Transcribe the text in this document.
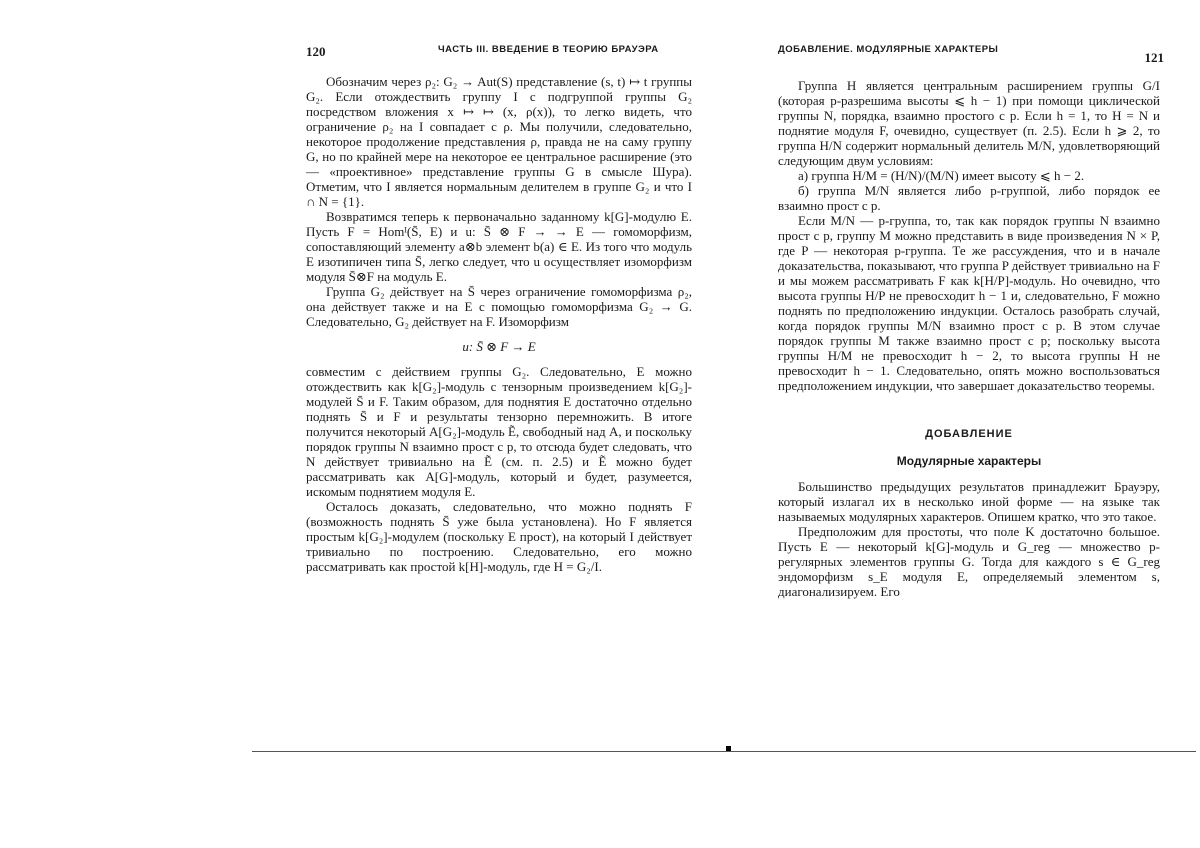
120	ЧАСТЬ III. ВВЕДЕНИЕ В ТЕОРИЮ БРАУЭРА

Обозначим через ρ₂: G₂ → Aut(S) представление (s, t) ↦ t группы G₂. Если отождествить группу I с подгруппой группы G₂ посредством вложения x ↦ ↦ (x, ρ(x)), то легко видеть, что ограничение ρ₂ на I совпадает с ρ. Мы получили, следовательно, некоторое продолжение представления ρ, правда не на саму группу G, но по крайней мере на некоторое ее центральное расширение (это — «проективное» представление группы G в смысле Шура). Отметим, что I является нормальным делителем в группе G₂ и что I ∩ N = {1}.

Возвратимся теперь к первоначально заданному k[G]-модулю E. Пусть F = Homᴵ(S̄, E) и u: S̄ ⊗ F → → E — гомоморфизм, сопоставляющий элементу a⊗b элемент b(a) ∈ E. Из того что модуль E изотипичен типа S̄, легко следует, что u осуществляет изоморфизм модуля S̄⊗F на модуль E.

Группа G₂ действует на S̄ через ограничение гомоморфизма ρ₂, она действует также и на E с помощью гомоморфизма G₂ → G. Следовательно, G₂ действует на F. Изоморфизм

u: S̄ ⊗ F → E

совместим с действием группы G₂. Следовательно, E можно отождествить как k[G₂]-модуль с тензорным произведением k[G₂]-модулей S̄ и F. Таким образом, для поднятия E достаточно отдельно поднять S̄ и F и результаты тензорно перемножить. В итоге получится некоторый A[G₂]-модуль Ẽ, свободный над A, и поскольку порядок группы N взаимно прост с p, то отсюда будет следовать, что N действует тривиально на Ẽ (см. п. 2.5) и Ẽ можно будет рассматривать как A[G]-модуль, который и будет, разумеется, искомым поднятием модуля E.

Осталось доказать, следовательно, что можно поднять F (возможность поднять S̄ уже была установлена). Но F является простым k[G₂]-модулем (поскольку E прост), на который I действует тривиально по построению. Следовательно, его можно рассматривать как простой k[H]-модуль, где H = G₂/I.

ДОБАВЛЕНИЕ. МОДУЛЯРНЫЕ ХАРАКТЕРЫ
121

Группа H является центральным расширением группы G/I (которая p-разрешима высоты ⩽ h − 1) при помощи циклической группы N, порядка, взаимно простого с p. Если h = 1, то H = N и поднятие модуля F, очевидно, существует (п. 2.5). Если h ⩾ 2, то группа H/N содержит нормальный делитель M/N, удовлетворяющий следующим двум условиям:

а) группа H/M = (H/N)/(M/N) имеет высоту ⩽ h − 2.

б) группа M/N является либо p-группой, либо порядок ее взаимно прост с p.

Если M/N — p-группа, то, так как порядок группы N взаимно прост с p, группу M можно представить в виде произведения N × P, где P — некоторая p-группа. Те же рассуждения, что и в начале доказательства, показывают, что группа P действует тривиально на F и мы можем рассматривать F как k[H/P]-модуль. Но очевидно, что высота группы H/P не превосходит h − 1 и, следовательно, F можно поднять по предположению индукции. Осталось разобрать случай, когда порядок группы M/N взаимно прост с p. В этом случае порядок группы M также взаимно прост с p; поскольку высота группы H/M не превосходит h − 2, то высота группы H не превосходит h − 1. Следовательно, опять можно воспользоваться предположением индукции, что завершает доказательство теоремы.

ДОБАВЛЕНИЕ

Модулярные характеры

Большинство предыдущих результатов принадлежит Брауэру, который излагал их в несколько иной форме — на языке так называемых модулярных характеров. Опишем кратко, что это такое.

Предположим для простоты, что поле K достаточно большое. Пусть E — некоторый k[G]-модуль и G_reg — множество p-регулярных элементов группы G. Тогда для каждого s ∈ G_reg эндоморфизм s_E модуля E, определяемый элементом s, диагонализируем. Его
